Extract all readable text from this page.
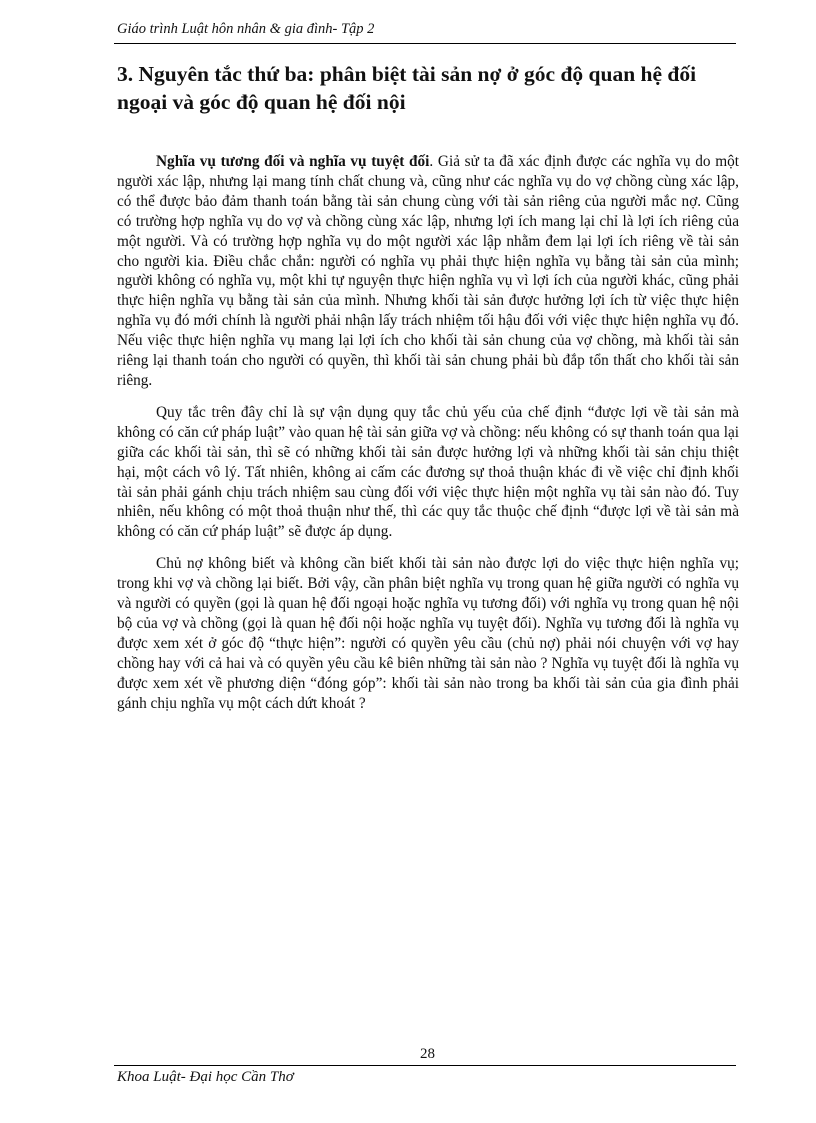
Giáo trình Luật hôn nhân & gia đình- Tập 2
3. Nguyên tắc thứ ba: phân biệt tài sản nợ ở góc độ quan hệ đối ngoại và góc độ quan hệ đối nội

Nghĩa vụ tương đối và nghĩa vụ tuyệt đối. Giả sử ta đã xác định được các nghĩa vụ do một người xác lập, nhưng lại mang tính chất chung và, cũng như các nghĩa vụ do vợ chồng cùng xác lập, có thể được bảo đảm thanh toán bằng tài sản chung cùng với tài sản riêng của người mắc nợ. Cũng có trường hợp nghĩa vụ do vợ và chồng cùng xác lập, nhưng lợi ích mang lại chỉ là lợi ích riêng của một người. Và có trường hợp nghĩa vụ do một người xác lập nhằm đem lại lợi ích riêng về tài sản cho người kia. Điều chắc chắn: người có nghĩa vụ phải thực hiện nghĩa vụ bằng tài sản của mình; người không có nghĩa vụ, một khi tự nguyện thực hiện nghĩa vụ vì lợi ích của người khác, cũng phải thực hiện nghĩa vụ bằng tài sản của mình. Nhưng khối tài sản được hưởng lợi ích từ việc thực hiện nghĩa vụ đó mới chính là người phải nhận lấy trách nhiệm tối hậu đối với việc thực hiện nghĩa vụ đó. Nếu việc thực hiện nghĩa vụ mang lại lợi ích cho khối tài sản chung của vợ chồng, mà khối tài sản riêng lại thanh toán cho người có quyền, thì khối tài sản chung phải bù đắp tổn thất cho khối tài sản riêng.

Quy tắc trên đây chỉ là sự vận dụng quy tắc chủ yếu của chế định “được lợi về tài sản mà không có căn cứ pháp luật” vào quan hệ tài sản giữa vợ và chồng: nếu không có sự thanh toán qua lại giữa các khối tài sản, thì sẽ có những khối tài sản được hưởng lợi và những khối tài sản chịu thiệt hại, một cách vô lý. Tất nhiên, không ai cấm các đương sự thoả thuận khác đi về việc chỉ định khối tài sản phải gánh chịu trách nhiệm sau cùng đối với việc thực hiện một nghĩa vụ tài sản nào đó. Tuy nhiên, nếu không có một thoả thuận như thế, thì các quy tắc thuộc chế định “được lợi về tài sản mà không có căn cứ pháp luật” sẽ được áp dụng.

Chủ nợ không biết và không cần biết khối tài sản nào được lợi do việc thực hiện nghĩa vụ; trong khi vợ và chồng lại biết. Bởi vậy, cần phân biệt nghĩa vụ trong quan hệ giữa người có nghĩa vụ và người có quyền (gọi là quan hệ đối ngoại hoặc nghĩa vụ tương đối) với nghĩa vụ trong quan hệ nội bộ của vợ và chồng (gọi là quan hệ đối nội hoặc nghĩa vụ tuyệt đối). Nghĩa vụ tương đối là nghĩa vụ được xem xét ở góc độ “thực hiện”: người có quyền yêu cầu (chủ nợ) phải nói chuyện với vợ hay chồng hay với cả hai và có quyền yêu cầu kê biên những tài sản nào ? Nghĩa vụ tuyệt đối là nghĩa vụ được xem xét về phương diện “đóng góp”: khối tài sản nào trong ba khối tài sản của gia đình phải gánh chịu nghĩa vụ một cách dứt khoát ?

28
Khoa Luật- Đại học Cần Thơ
